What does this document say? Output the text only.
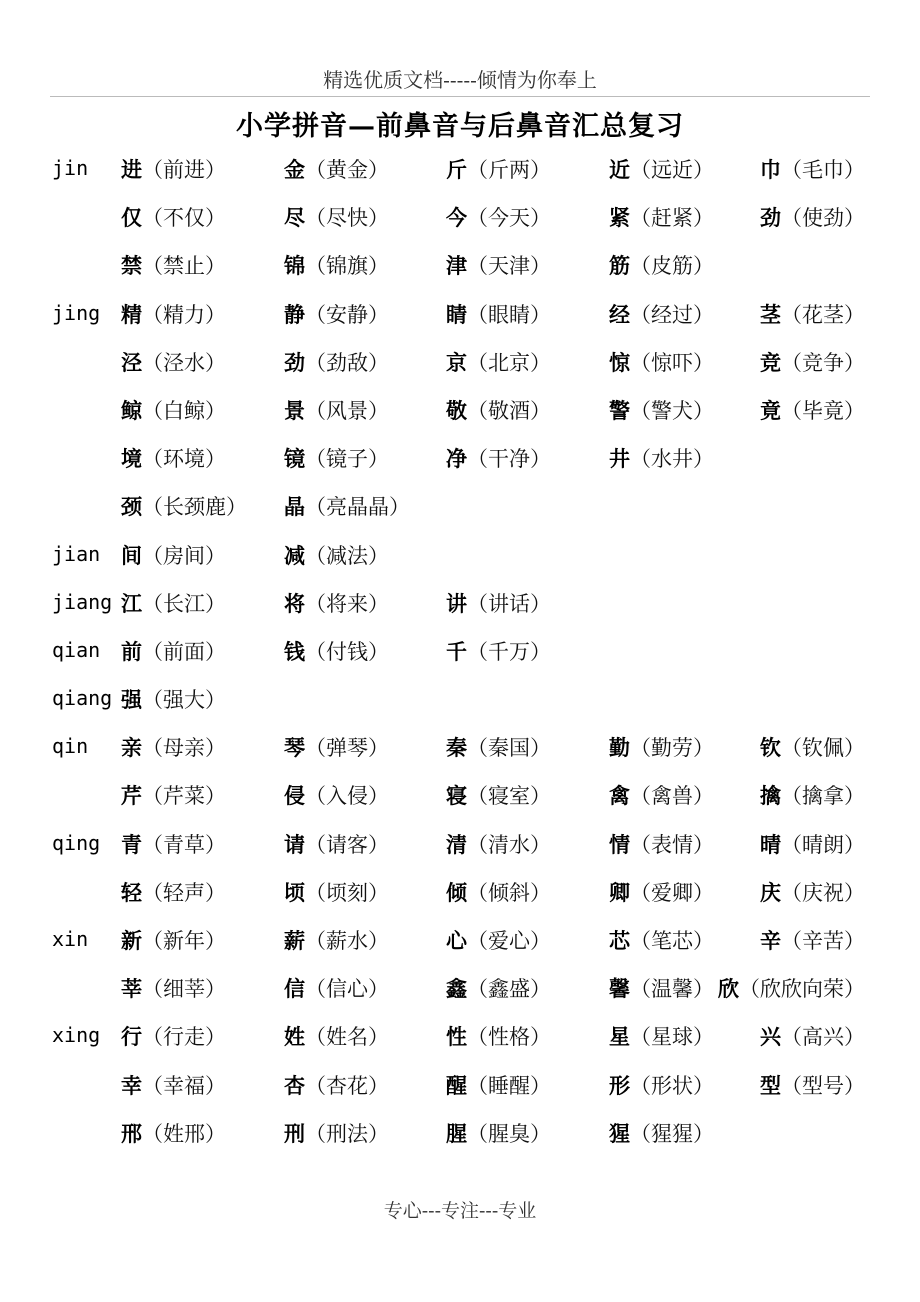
精选优质文档-----倾情为你奉上
小学拼音—前鼻音与后鼻音汇总复习
jin 进（前进）	金（黄金）	斤（斤两）	近（远近） 巾（毛巾）
仅（不仅）	尽（尽快）	今（今天）	紧（赶紧） 劲（使劲）
禁（禁止）	锦（锦旗）	津（天津）	筋（皮筋）
jing 精（精力）	静（安静）	睛（眼睛）	经（经过） 茎（花茎）
泾（泾水）	劲（劲敌）	京（北京）	惊（惊吓） 竞（竞争）
鲸（白鲸）	景（风景）	敬（敬酒）	警（警犬） 竟（毕竟）
境（环境）	镜（镜子）	净（干净）	井（水井）
颈（长颈鹿） 晶（亮晶晶）
jian 间（房间）	减（减法）
jiang 江（长江）	将（将来）	讲（讲话）
qian 前（前面）	钱（付钱）	千（千万）
qiang 强（强大）
qin 亲（母亲）	琴（弹琴）	秦（秦国）	勤（勤劳） 钦（钦佩）
芹（芹菜）	侵（入侵）	寝（寝室）	禽（禽兽） 擒（擒拿）
qing 青（青草）	请（请客）	清（清水）	情（表情） 晴（晴朗）
轻（轻声）	顷（顷刻）	倾（倾斜）	卿（爱卿） 庆（庆祝）
xin 新（新年）	薪（薪水）	心（爱心）	芯（笔芯） 辛（辛苦）
莘（细莘）	信（信心）	鑫（鑫盛）	馨（温馨） 欣（欣欣向荣）
xing 行（行走）	姓（姓名）	性（性格）	星（星球） 兴（高兴）
幸（幸福）	杏（杏花）	醒（睡醒）	形（形状） 型（型号）
邢（姓邢）	刑（刑法）	腥（腥臭）	猩（猩猩）
专心---专注---专业
